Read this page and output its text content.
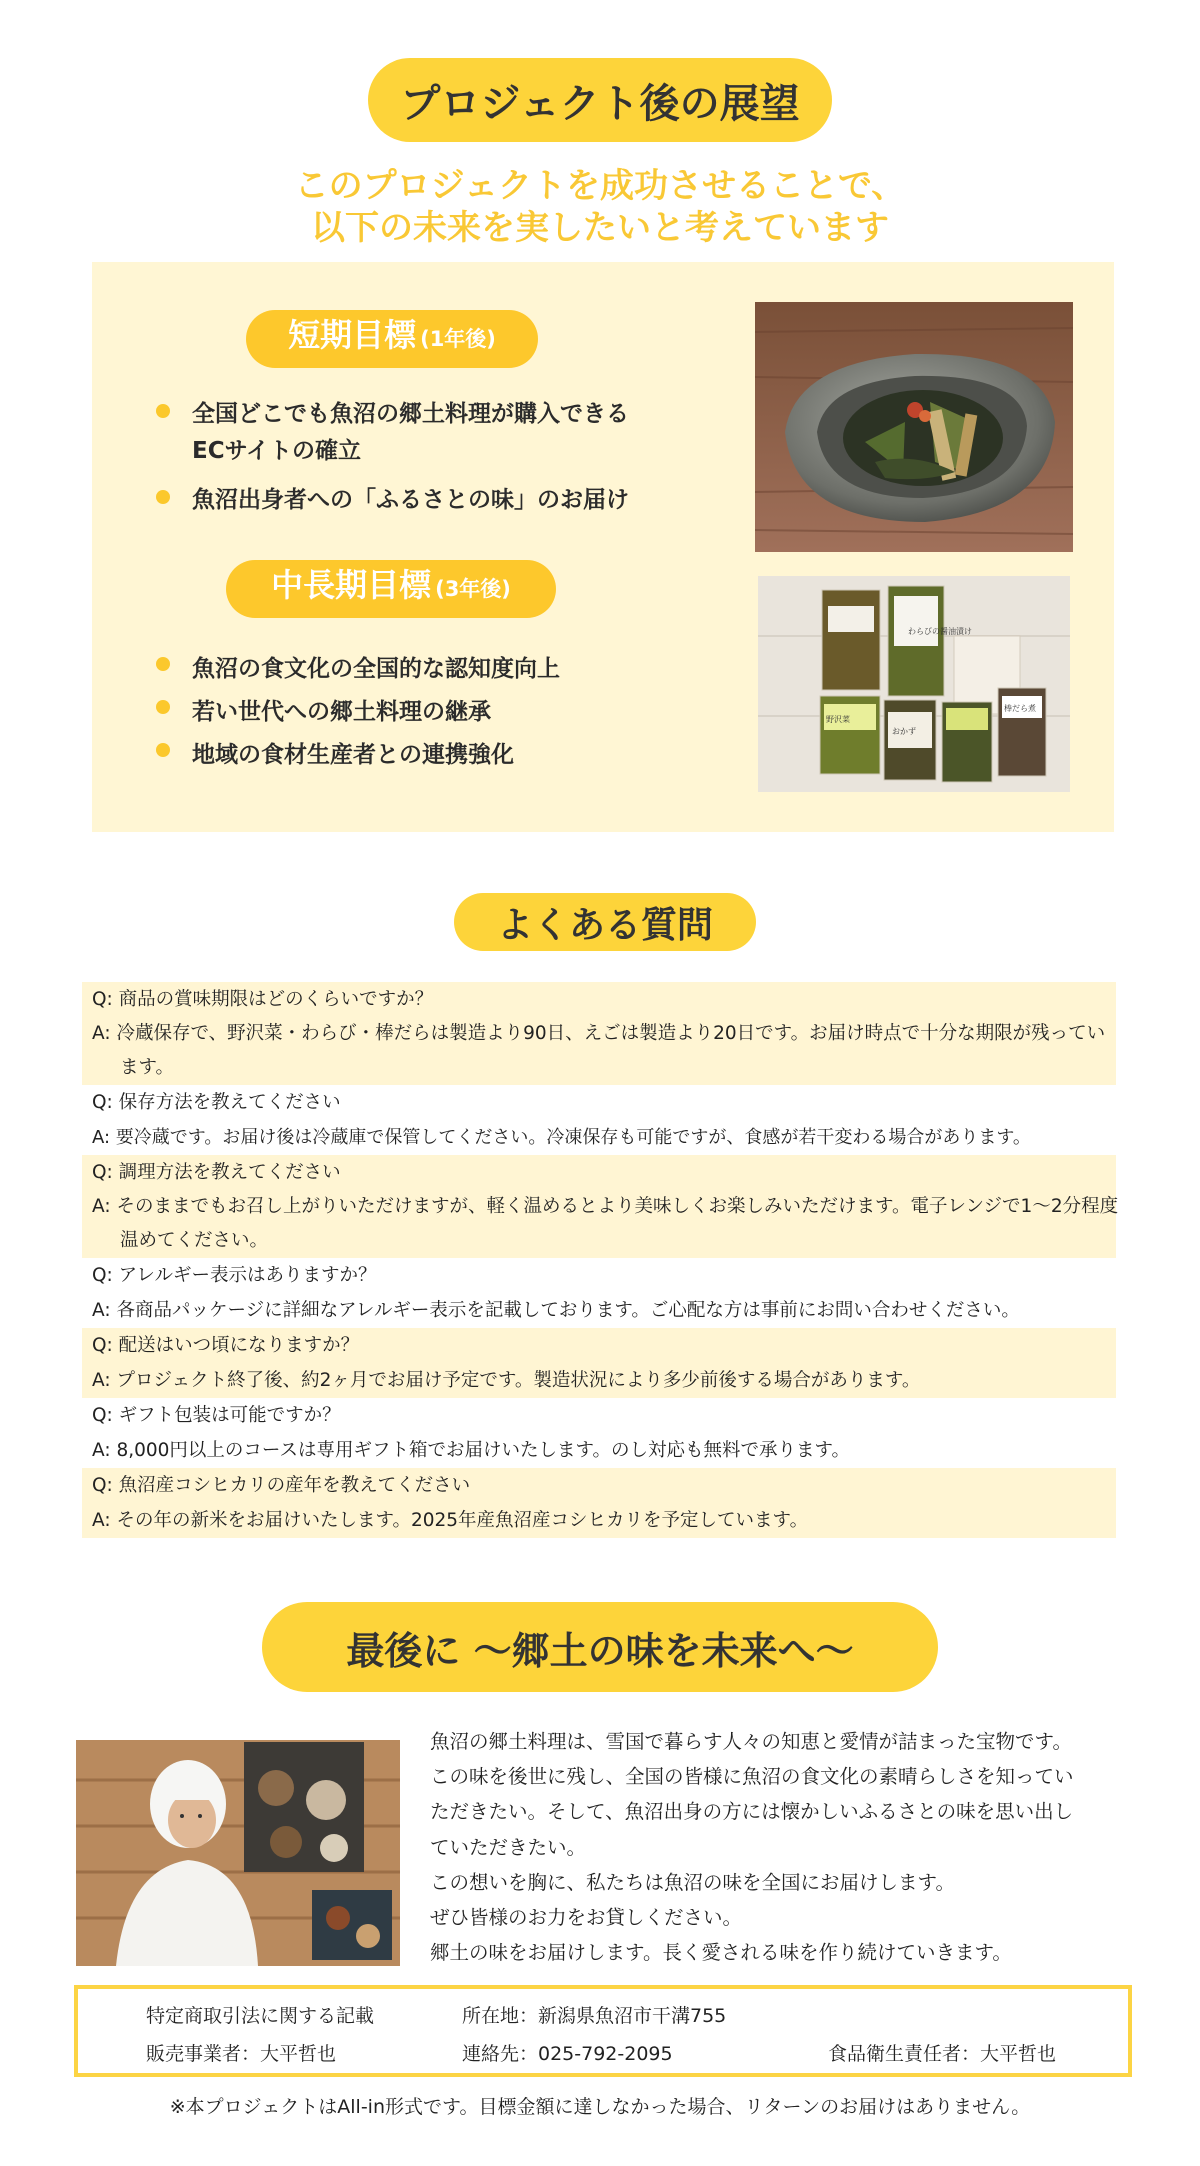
プロジェクト後の展望
このプロジェクトを成功させることで、
以下の未来を実したいと考えています
短期目標 (1年後)
全国どこでも魚沼の郷土料理が購入できる
ECサイトの確立
魚沼出身者への「ふるさとの味」のお届け
中長期目標 (3年後)
魚沼の食文化の全国的な認知度向上
若い世代への郷土料理の継承
地域の食材生産者との連携強化
わらびの醤油漬け
野沢菜
おかず
棒だら煮
よくある質問
Q: 商品の賞味期限はどのくらいですか？
A: 冷蔵保存で、野沢菜・わらび・棒だらは製造より90日、えごは製造より20日です。お届け時点で十分な期限が残っています。
Q: 保存方法を教えてください
A: 要冷蔵です。お届け後は冷蔵庫で保管してください。冷凍保存も可能ですが、食感が若干変わる場合があります。
Q: 調理方法を教えてください
A: そのままでもお召し上がりいただけますが、軽く温めるとより美味しくお楽しみいただけます。電子レンジで1〜2分程度温めてください。
Q: アレルギー表示はありますか？
A: 各商品パッケージに詳細なアレルギー表示を記載しております。ご心配な方は事前にお問い合わせください。
Q: 配送はいつ頃になりますか？
A: プロジェクト終了後、約2ヶ月でお届け予定です。製造状況により多少前後する場合があります。
Q: ギフト包装は可能ですか？
A: 8,000円以上のコースは専用ギフト箱でお届けいたします。のし対応も無料で承ります。
Q: 魚沼産コシヒカリの産年を教えてください
A: その年の新米をお届けいたします。2025年産魚沼産コシヒカリを予定しています。
最後に 〜郷土の味を未来へ〜
魚沼の郷土料理は、雪国で暮らす人々の知恵と愛情が詰まった宝物です。
この味を後世に残し、全国の皆様に魚沼の食文化の素晴らしさを知ってい
ただきたい。そして、魚沼出身の方には懐かしいふるさとの味を思い出し
ていただきたい。
この想いを胸に、私たちは魚沼の味を全国にお届けします。
ぜひ皆様のお力をお貸しください。
郷土の味をお届けします。長く愛される味を作り続けていきます。
特定商取引法に関する記載	所在地：新潟県魚沼市干溝755
販売事業者：大平哲也	連絡先：025-792-2095	食品衛生責任者：大平哲也
※本プロジェクトはAll-in形式です。目標金額に達しなかった場合、リターンのお届けはありません。
